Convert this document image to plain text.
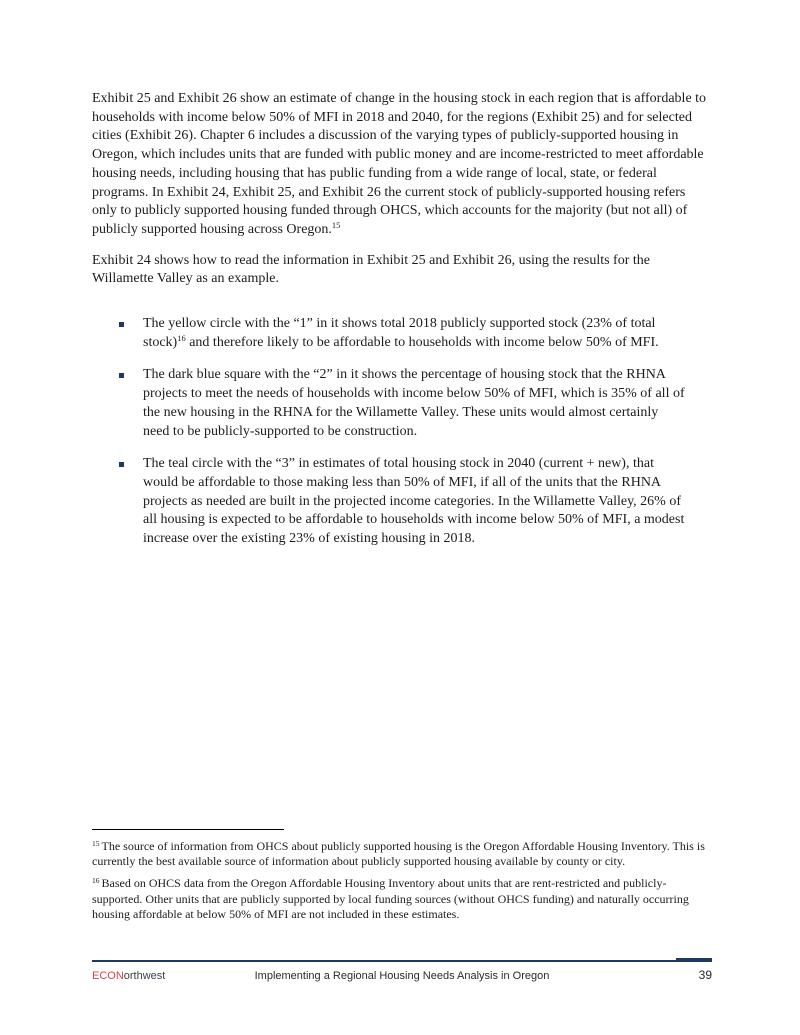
Exhibit 25 and Exhibit 26 show an estimate of change in the housing stock in each region that is affordable to households with income below 50% of MFI in 2018 and 2040, for the regions (Exhibit 25) and for selected cities (Exhibit 26). Chapter 6 includes a discussion of the varying types of publicly-supported housing in Oregon, which includes units that are funded with public money and are income-restricted to meet affordable housing needs, including housing that has public funding from a wide range of local, state, or federal programs. In Exhibit 24, Exhibit 25, and Exhibit 26 the current stock of publicly-supported housing refers only to publicly supported housing funded through OHCS, which accounts for the majority (but not all) of publicly supported housing across Oregon.$^{15}$

Exhibit 24 shows how to read the information in Exhibit 25 and Exhibit 26, using the results for the Willamette Valley as an example.

The yellow circle with the “1” in it shows total 2018 publicly supported stock (23% of total stock)$^{16}$ and therefore likely to be affordable to households with income below 50% of MFI.
The dark blue square with the “2” in it shows the percentage of housing stock that the RHNA projects to meet the needs of households with income below 50% of MFI, which is 35% of all of the new housing in the RHNA for the Willamette Valley. These units would almost certainly need to be publicly-supported to be construction.
The teal circle with the “3” in estimates of total housing stock in 2040 (current + new), that would be affordable to those making less than 50% of MFI, if all of the units that the RHNA projects as needed are built in the projected income categories. In the Willamette Valley, 26% of all housing is expected to be affordable to households with income below 50% of MFI, a modest increase over the existing 23% of existing housing in 2018.

$^{15}$ The source of information from OHCS about publicly supported housing is the Oregon Affordable Housing Inventory. This is currently the best available source of information about publicly supported housing available by county or city.

$^{16}$ Based on OHCS data from the Oregon Affordable Housing Inventory about units that are rent-restricted and publicly-supported. Other units that are publicly supported by local funding sources (without OHCS funding) and naturally occurring housing affordable at below 50% of MFI are not included in these estimates.

ECONorthwest	Implementing a Regional Housing Needs Analysis in Oregon	39
